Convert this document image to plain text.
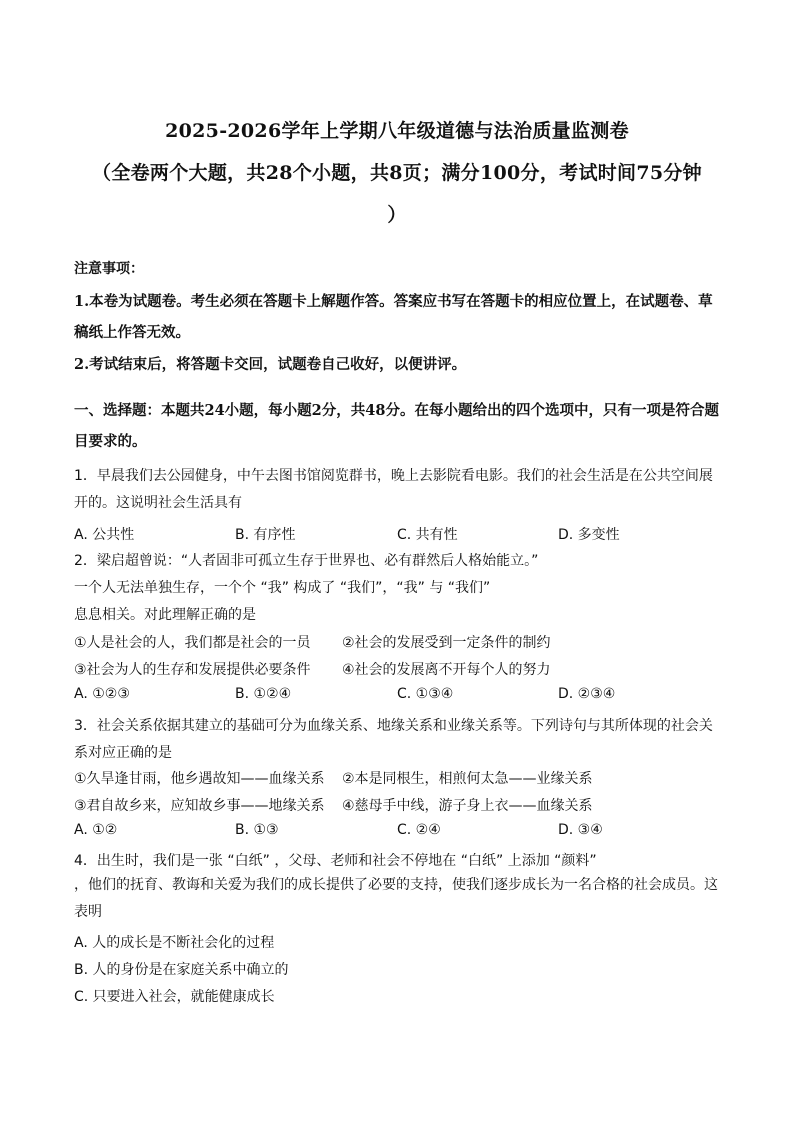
2025-2026学年上学期八年级道德与法治质量监测卷
（全卷两个大题，共28个小题，共8页；满分100分，考试时间75分钟
）
注意事项：
1.本卷为试题卷。考生必须在答题卡上解题作答。答案应书写在答题卡的相应位置上，在试题卷、草稿纸上作答无效。
2.考试结束后，将答题卡交回，试题卷自己收好，以便讲评。
一、选择题：本题共24小题，每小题2分，共48分。在每小题给出的四个选项中，只有一项是符合题目要求的。
1．早晨我们去公园健身，中午去图书馆阅览群书，晚上去影院看电影。我们的社会生活是在公共空间展开的。这说明社会生活具有
A. 公共性	B. 有序性	C. 共有性	D. 多变性
2．梁启超曾说：“人者固非可孤立生存于世界也、必有群然后人格始能立。”
一个人无法单独生存，一个个 “我” 构成了 “我们”，“我” 与 “我们”
息息相关。对此理解正确的是
①人是社会的人，我们都是社会的一员 ②社会的发展受到一定条件的制约
③社会为人的生存和发展提供必要条件 ④社会的发展离不开每个人的努力
A. ①②③	B. ①②④	C. ①③④	D. ②③④
3．社会关系依据其建立的基础可分为血缘关系、地缘关系和业缘关系等。下列诗句与其所体现的社会关系对应正确的是
①久旱逢甘雨，他乡遇故知——血缘关系 ②本是同根生，相煎何太急——业缘关系
③君自故乡来，应知故乡事——地缘关系 ④慈母手中线，游子身上衣——血缘关系
A. ①②	B. ①③	C. ②④	D. ③④
4．出生时，我们是一张 “白纸” ，父母、老师和社会不停地在 “白纸” 上添加 “颜料”
，他们的抚育、教诲和关爱为我们的成长提供了必要的支持，使我们逐步成长为一名合格的社会成员。这表明
A. 人的成长是不断社会化的过程
B. 人的身份是在家庭关系中确立的
C. 只要进入社会，就能健康成长
